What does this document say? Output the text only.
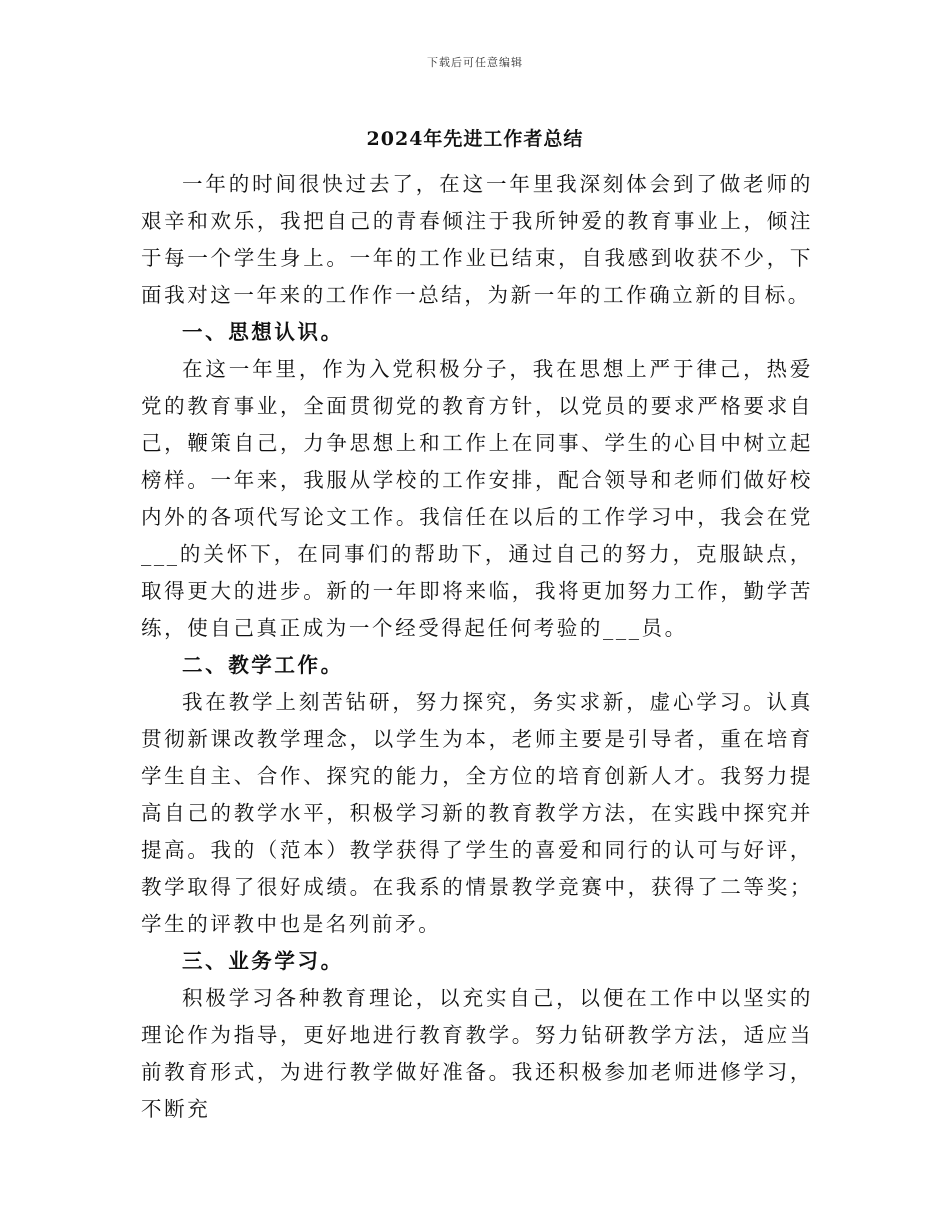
下载后可任意编辑
2024年先进工作者总结

一年的时间很快过去了，在这一年里我深刻体会到了做老师的艰辛和欢乐，我把自己的青春倾注于我所钟爱的教育事业上，倾注于每一个学生身上。一年的工作业已结束，自我感到收获不少，下面我对这一年来的工作作一总结，为新一年的工作确立新的目标。

一、思想认识。

在这一年里，作为入党积极分子，我在思想上严于律己，热爱党的教育事业，全面贯彻党的教育方针，以党员的要求严格要求自己，鞭策自己，力争思想上和工作上在同事、学生的心目中树立起榜样。一年来，我服从学校的工作安排，配合领导和老师们做好校内外的各项代写论文工作。我信任在以后的工作学习中，我会在党___的关怀下，在同事们的帮助下，通过自己的努力，克服缺点，取得更大的进步。新的一年即将来临，我将更加努力工作，勤学苦练，使自己真正成为一个经受得起任何考验的___员。

二、教学工作。

我在教学上刻苦钻研，努力探究，务实求新，虚心学习。认真贯彻新课改教学理念，以学生为本，老师主要是引导者，重在培育学生自主、合作、探究的能力，全方位的培育创新人才。我努力提高自己的教学水平，积极学习新的教育教学方法，在实践中探究并提高。我的（范本）教学获得了学生的喜爱和同行的认可与好评，教学取得了很好成绩。在我系的情景教学竞赛中，获得了二等奖；学生的评教中也是名列前矛。

三、业务学习。

积极学习各种教育理论，以充实自己，以便在工作中以坚实的理论作为指导，更好地进行教育教学。努力钻研教学方法，适应当前教育形式，为进行教学做好准备。我还积极参加老师进修学习，不断充
